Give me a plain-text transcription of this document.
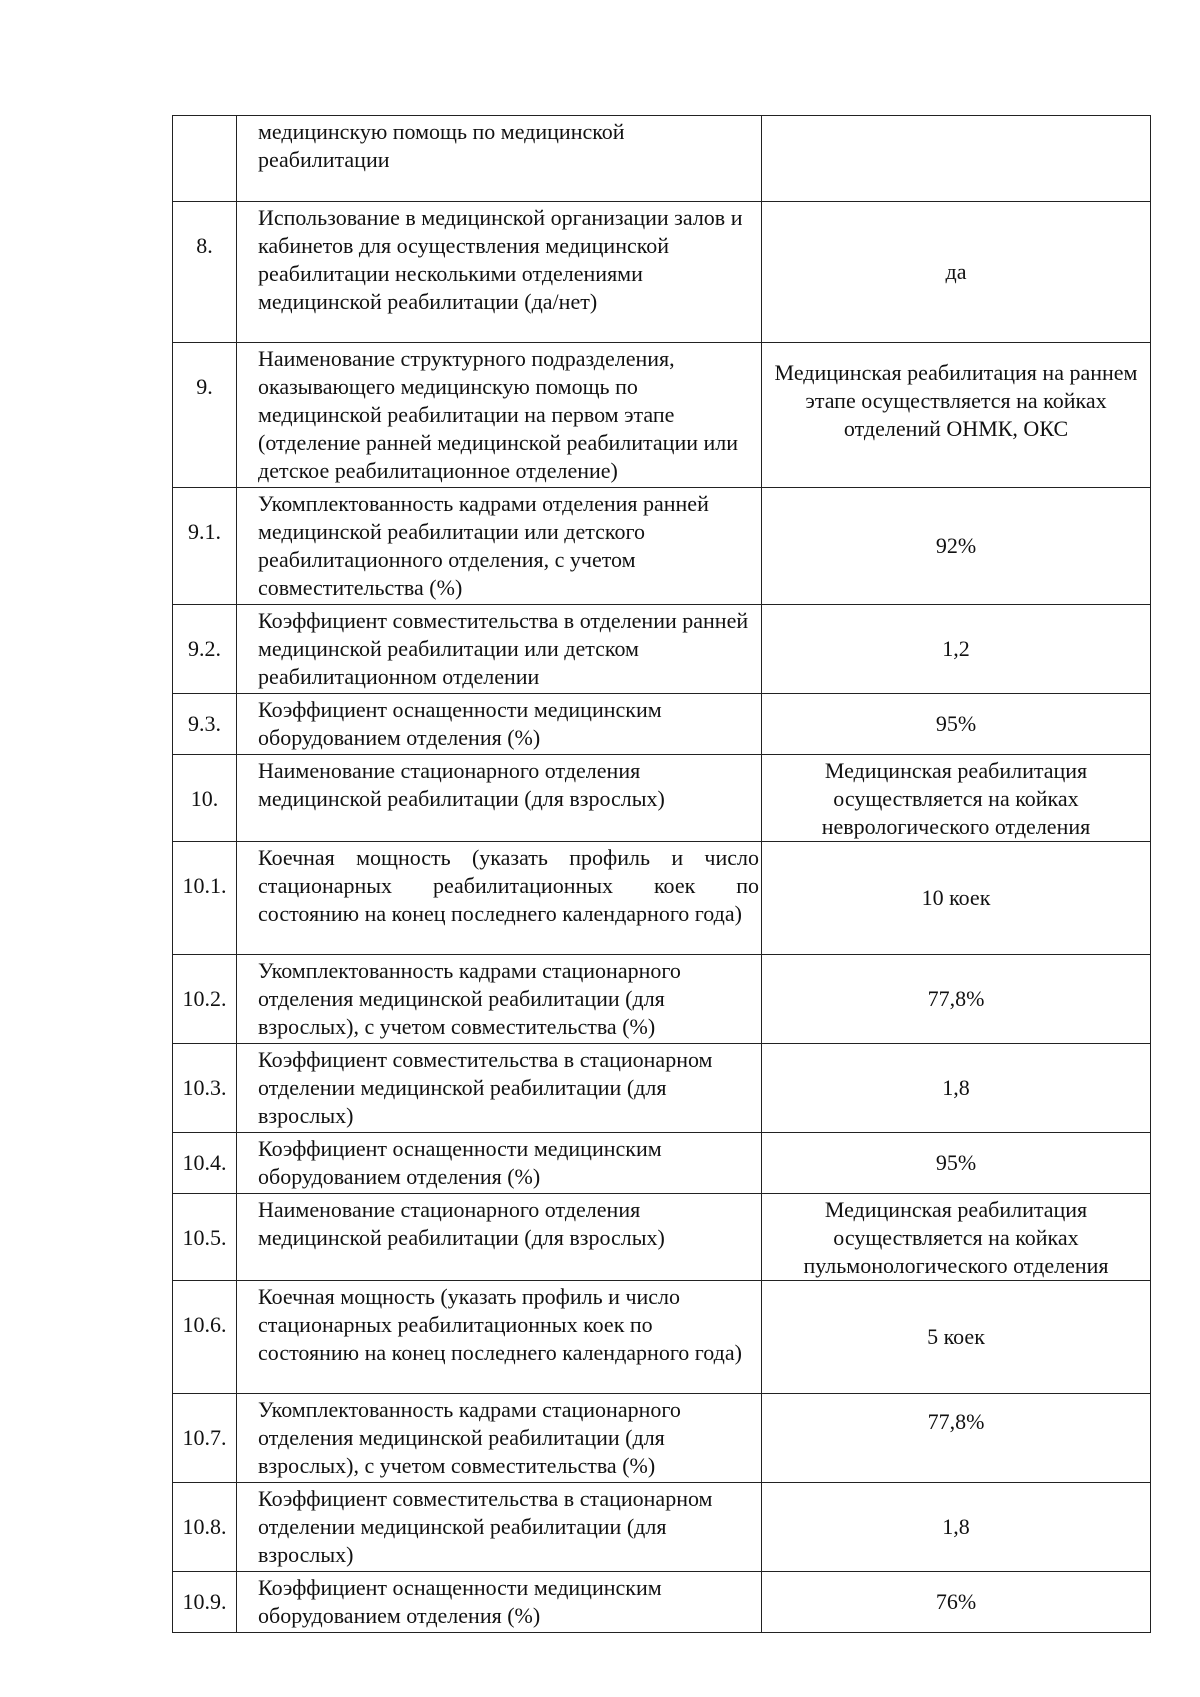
	медицинскую помощь по медицинской реабилитации	
8.	Использование в медицинской организации залов и кабинетов для осуществления медицинской реабилитации несколькими отделениями медицинской реабилитации (да/нет)	да
9.	Наименование структурного подразделения, оказывающего медицинскую помощь по медицинской реабилитации на первом этапе (отделение ранней медицинской реабилитации или детское реабилитационное отделение)	Медицинская реабилитация на раннем этапе осуществляется на койках отделений ОНМК, ОКС
9.1.	Укомплектованность кадрами отделения ранней медицинской реабилитации или детского реабилитационного отделения, с учетом совместительства (%)	92%
9.2.	Коэффициент совместительства в отделении ранней медицинской реабилитации или детском реабилитационном отделении	1,2
9.3.	Коэффициент оснащенности медицинским оборудованием отделения (%)	95%
10.	Наименование стационарного отделения медицинской реабилитации (для взрослых)	Медицинская реабилитация осуществляется на койках неврологического отделения
10.1.	Коечная мощность (указать профиль и число стационарных реабилитационных коек по состоянию на конец последнего календарного года)	10 коек
10.2.	Укомплектованность кадрами стационарного отделения медицинской реабилитации (для взрослых), с учетом совместительства (%)	77,8%
10.3.	Коэффициент совместительства в стационарном отделении медицинской реабилитации (для взрослых)	1,8
10.4.	Коэффициент оснащенности медицинским оборудованием отделения (%)	95%
10.5.	Наименование стационарного отделения медицинской реабилитации (для взрослых)	Медицинская реабилитация осуществляется на койках пульмонологического отделения
10.6.	Коечная мощность (указать профиль и число стационарных реабилитационных коек по состоянию на конец последнего календарного года)	5 коек
10.7.	Укомплектованность кадрами стационарного отделения медицинской реабилитации (для взрослых), с учетом совместительства (%)	77,8%
10.8.	Коэффициент совместительства в стационарном отделении медицинской реабилитации (для взрослых)	1,8
10.9.	Коэффициент оснащенности медицинским оборудованием отделения (%)	76%
